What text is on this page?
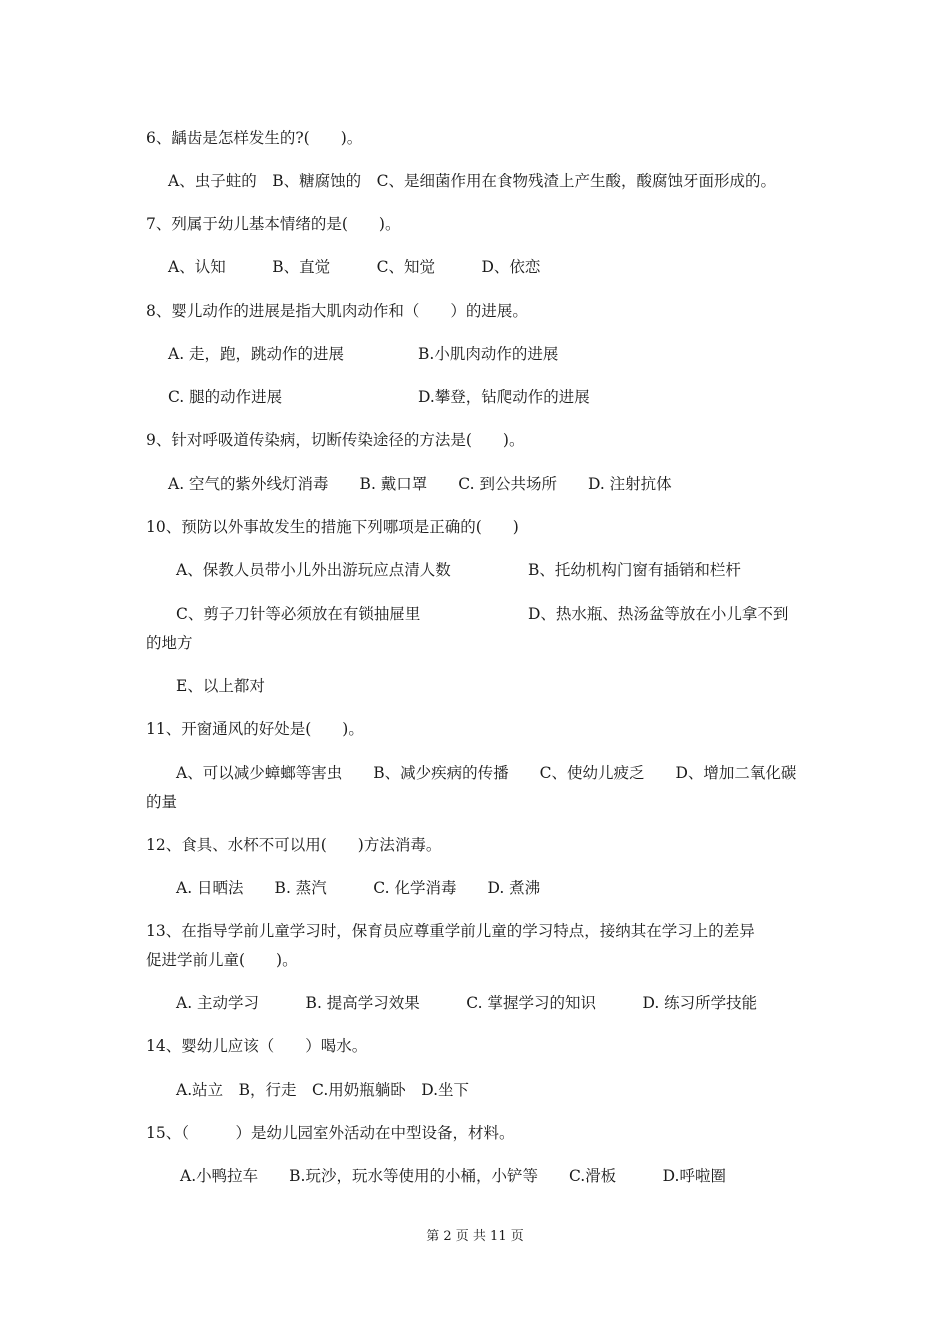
6、龋齿是怎样发生的?(　　)。
A、虫子蛀的　B、糖腐蚀的　C、是细菌作用在食物残渣上产生酸，酸腐蚀牙面形成的。
7、列属于幼儿基本情绪的是(　　)。
A、认知　　　B、直觉　　　C、知觉　　　D、依恋
8、婴儿动作的进展是指大肌肉动作和（　　）的进展。
A. 走，跑，跳动作的进展	B.小肌肉动作的进展
C. 腿的动作进展	D.攀登，钻爬动作的进展
9、针对呼吸道传染病，切断传染途径的方法是(　　)。
A. 空气的紫外线灯消毒　　B. 戴口罩　　C. 到公共场所　　D. 注射抗体
10、预防以外事故发生的措施下列哪项是正确的(　　)
A、保教人员带小儿外出游玩应点清人数	B、托幼机构门窗有插销和栏杆
C、剪子刀针等必须放在有锁抽屉里	D、热水瓶、热汤盆等放在小儿拿不到
的地方
E、以上都对
11、开窗通风的好处是(　　)。
A、可以减少蟑螂等害虫　　B、减少疾病的传播　　C、使幼儿疲乏　　D、增加二氧化碳
的量
12、食具、水杯不可以用(　　)方法消毒。
A. 日晒法　　B. 蒸汽　　　C. 化学消毒　　D. 煮沸
13、在指导学前儿童学习时，保育员应尊重学前儿童的学习特点，接纳其在学习上的差异
促进学前儿童(　　)。
A. 主动学习　　　B. 提高学习效果　　　C. 掌握学习的知识　　　D. 练习所学技能
14、婴幼儿应该（　　）喝水。
A.站立　B，行走　C.用奶瓶躺卧　D.坐下
15、（　　　）是幼儿园室外活动在中型设备，材料。
A.小鸭拉车　　B.玩沙，玩水等使用的小桶，小铲等　　C.滑板　　　D.呼啦圈
第 2 页 共 11 页
